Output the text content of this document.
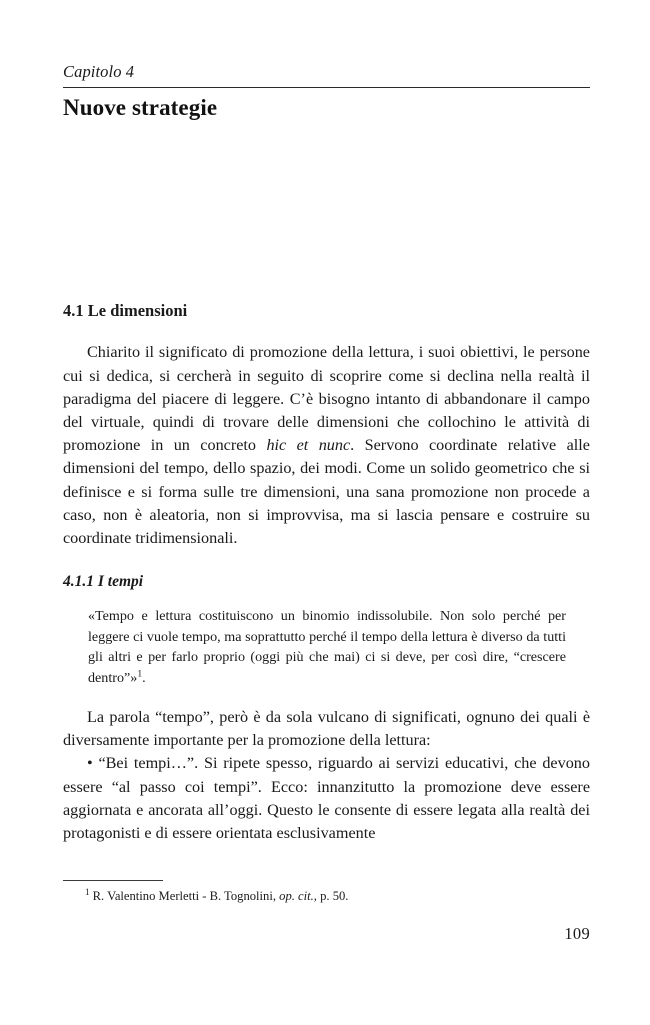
Capitolo 4
Nuove strategie
4.1 Le dimensioni

Chiarito il significato di promozione della lettura, i suoi obiettivi, le persone cui si dedica, si cercherà in seguito di scoprire come si declina nella realtà il paradigma del piacere di leggere. C’è bisogno intanto di abbandonare il campo del virtuale, quindi di trovare delle dimensioni che collochino le attività di promozione in un concreto hic et nunc. Servono coordinate relative alle dimensioni del tempo, dello spazio, dei modi. Come un solido geometrico che si definisce e si forma sulle tre dimensioni, una sana promozione non procede a caso, non è aleatoria, non si improvvisa, ma si lascia pensare e costruire su coordinate tridimensionali.

4.1.1 I tempi

«Tempo e lettura costituiscono un binomio indissolubile. Non solo perché per leggere ci vuole tempo, ma soprattutto perché il tempo della lettura è diverso da tutti gli altri e per farlo proprio (oggi più che mai) ci si deve, per così dire, “crescere dentro”»$^1$.

La parola “tempo”, però è da sola vulcano di significati, ognuno dei quali è diversamente importante per la promozione della lettura:

• “Bei tempi…”. Si ripete spesso, riguardo ai servizi educativi, che devono essere “al passo coi tempi”. Ecco: innanzitutto la promozione deve essere aggiornata e ancorata all’oggi. Questo le consente di essere legata alla realtà dei protagonisti e di essere orientata esclusivamente

$^1$ R. Valentino Merletti - B. Tognolini, op. cit., p. 50.

109
